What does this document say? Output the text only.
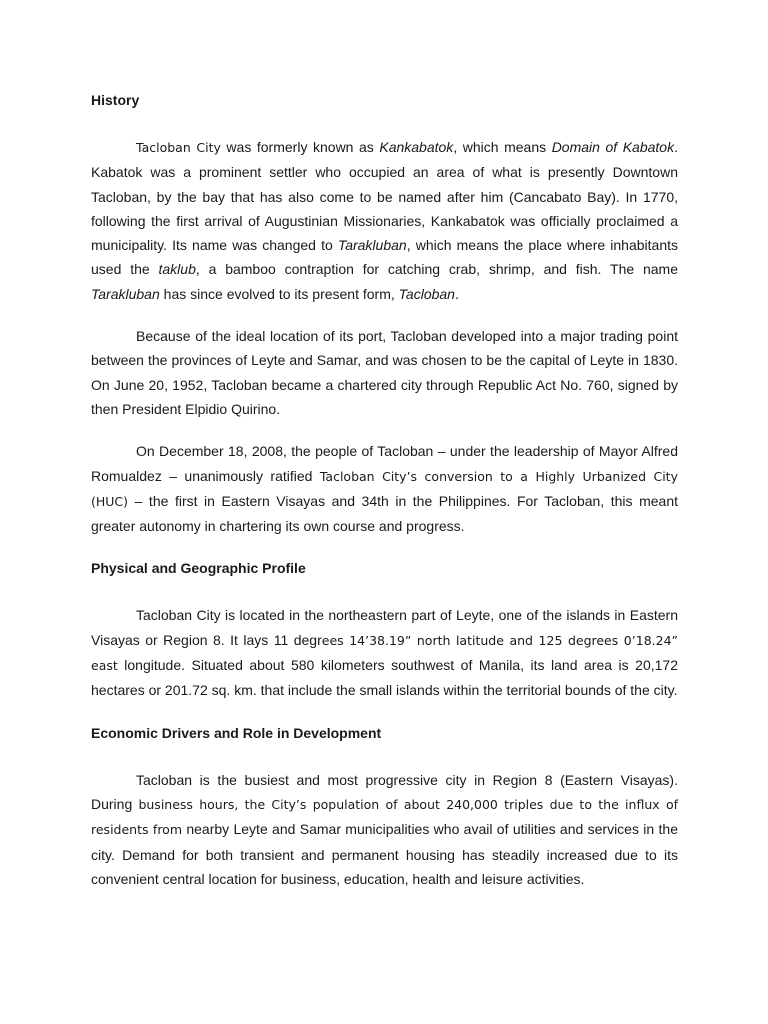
History

Tacloban City was formerly known as Kankabatok, which means Domain of Kabatok. Kabatok was a prominent settler who occupied an area of what is presently Downtown Tacloban, by the bay that has also come to be named after him (Cancabato Bay). In 1770, following the first arrival of Augustinian Missionaries, Kankabatok was officially proclaimed a municipality. Its name was changed to Tarakluban, which means the place where inhabitants used the taklub, a bamboo contraption for catching crab, shrimp, and fish. The name Tarakluban has since evolved to its present form, Tacloban.

Because of the ideal location of its port, Tacloban developed into a major trading point between the provinces of Leyte and Samar, and was chosen to be the capital of Leyte in 1830. On June 20, 1952, Tacloban became a chartered city through Republic Act No. 760, signed by then President Elpidio Quirino.

On December 18, 2008, the people of Tacloban – under the leadership of Mayor Alfred Romualdez – unanimously ratified Tacloban City’s conversion to a Highly Urbanized City (HUC) – the first in Eastern Visayas and 34th in the Philippines. For Tacloban, this meant greater autonomy in chartering its own course and progress.

Physical and Geographic Profile

Tacloban City is located in the northeastern part of Leyte, one of the islands in Eastern Visayas or Region 8. It lays 11 degrees 14’38.19” north latitude and 125 degrees 0’18.24” east longitude. Situated about 580 kilometers southwest of Manila, its land area is 20,172 hectares or 201.72 sq. km. that include the small islands within the territorial bounds of the city.

Economic Drivers and Role in Development

Tacloban is the busiest and most progressive city in Region 8 (Eastern Visayas). During business hours, the City’s population of about 240,000 triples due to the influx of residents from nearby Leyte and Samar municipalities who avail of utilities and services in the city. Demand for both transient and permanent housing has steadily increased due to its convenient central location for business, education, health and leisure activities.
